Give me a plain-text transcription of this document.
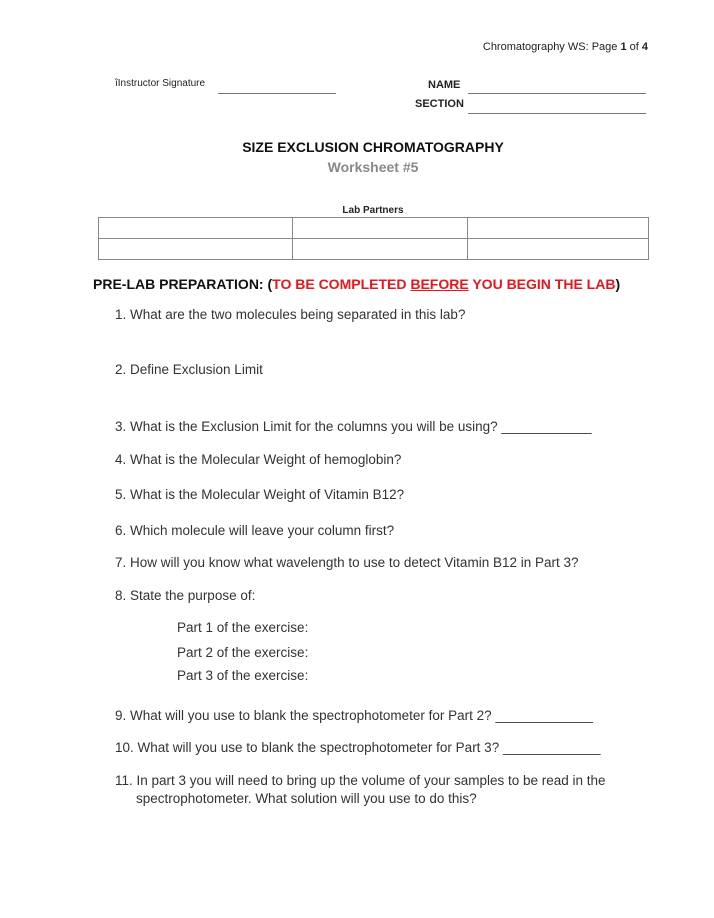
Chromatography WS: Page 1 of 4
îInstructor Signature	NAME
SECTION
SIZE EXCLUSION CHROMATOGRAPHY
Worksheet #5
Lab Partners

PRE-LAB PREPARATION: (TO BE COMPLETED BEFORE YOU BEGIN THE LAB)
1. What are the two molecules being separated in this lab?
2. Define Exclusion Limit
3. What is the Exclusion Limit for the columns you will be using? ____________
4. What is the Molecular Weight of hemoglobin?
5. What is the Molecular Weight of Vitamin B12?
6. Which molecule will leave your column first?
7. How will you know what wavelength to use to detect Vitamin B12 in Part 3?
8. State the purpose of:
Part 1 of the exercise:
Part 2 of the exercise:
Part 3 of the exercise:
9. What will you use to blank the spectrophotometer for Part 2? _____________
10. What will you use to blank the spectrophotometer for Part 3? _____________
11. In part 3 you will need to bring up the volume of your samples to be read in the
spectrophotometer. What solution will you use to do this?
